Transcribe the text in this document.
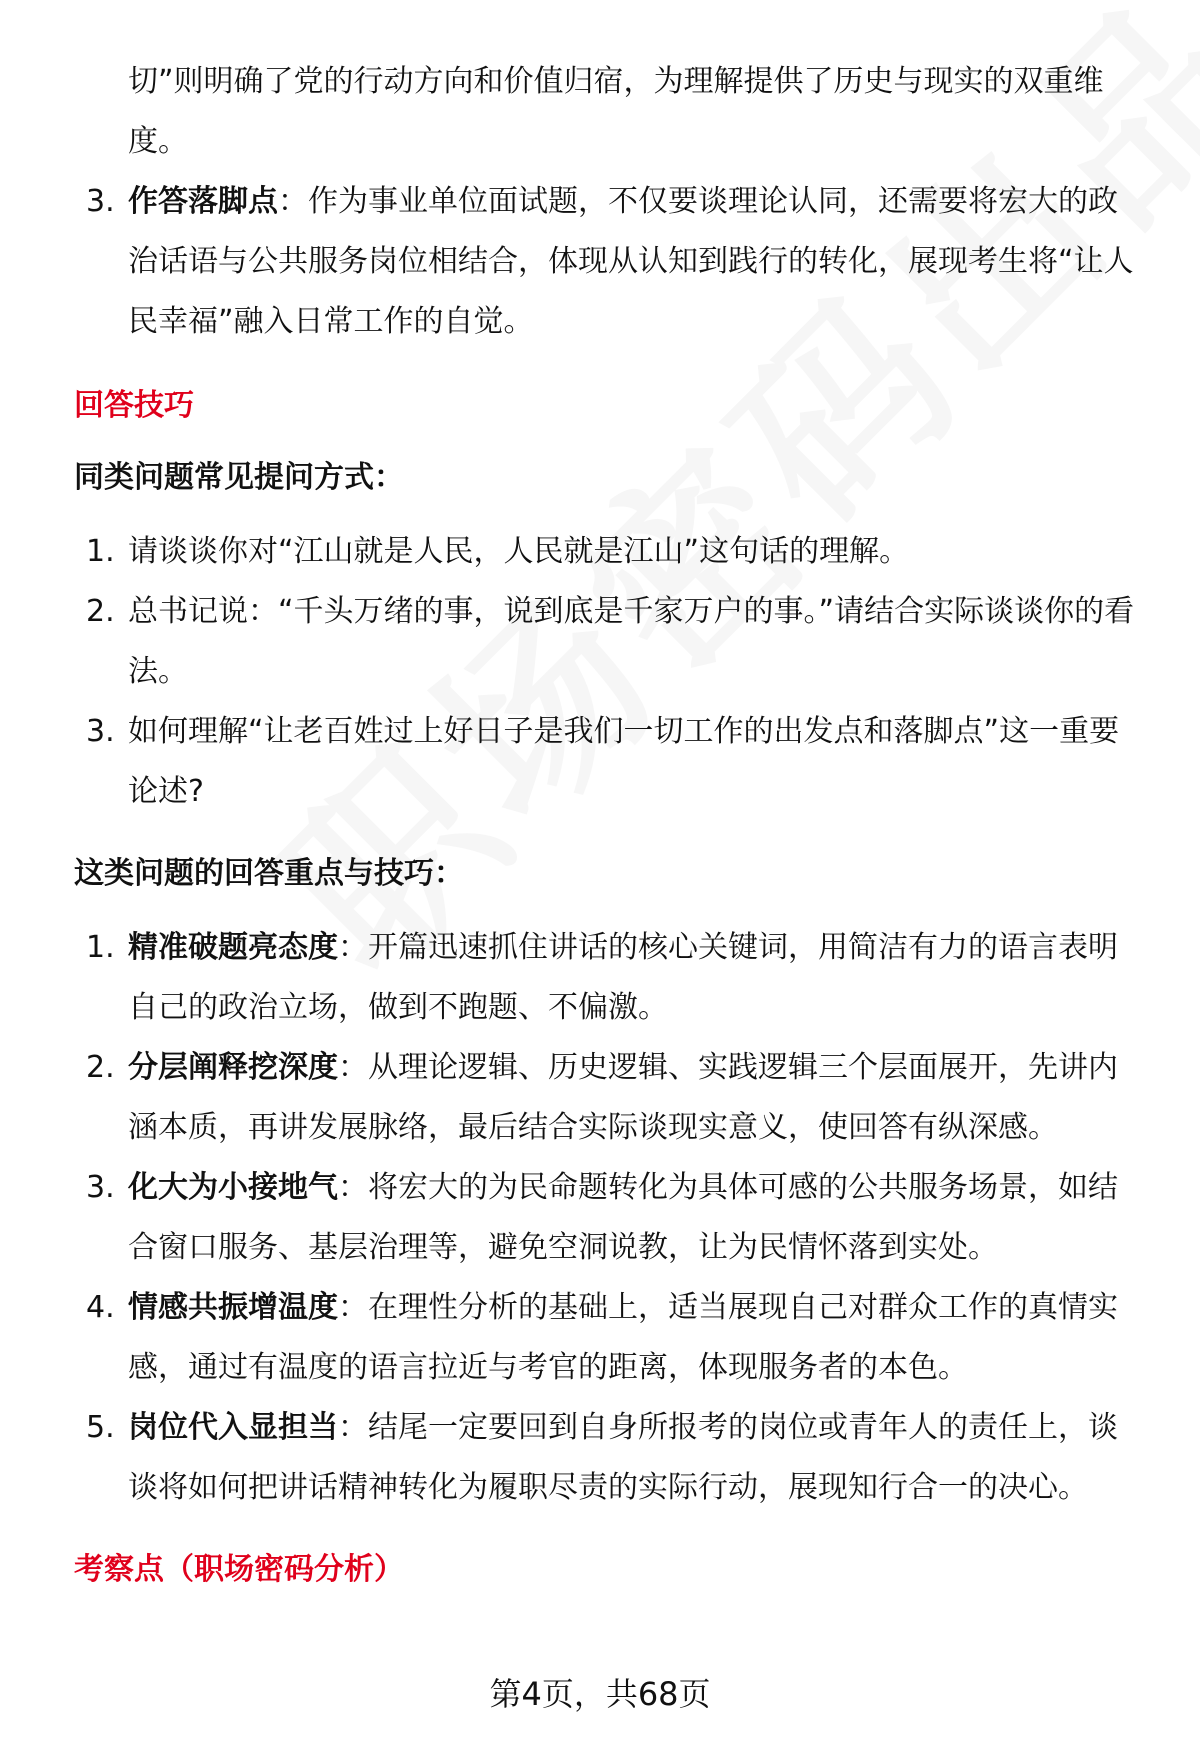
切”则明确了党的行动方向和价值归宿，为理解提供了历史与现实的双重维度。

3. 作答落脚点：作为事业单位面试题，不仅要谈理论认同，还需要将宏大的政治话语与公共服务岗位相结合，体现从认知到践行的转化，展现考生将“让人民幸福”融入日常工作的自觉。
回答技巧
同类问题常见提问方式：
1. 请谈谈你对“江山就是人民，人民就是江山”这句话的理解。
2. 总书记说：“千头万绪的事，说到底是千家万户的事。”请结合实际谈谈你的看法。
3. 如何理解“让老百姓过上好日子是我们一切工作的出发点和落脚点”这一重要论述?
这类问题的回答重点与技巧：
1. 精准破题亮态度：开篇迅速抓住讲话的核心关键词，用简洁有力的语言表明自己的政治立场，做到不跑题、不偏激。
2. 分层阐释挖深度：从理论逻辑、历史逻辑、实践逻辑三个层面展开，先讲内涵本质，再讲发展脉络，最后结合实际谈现实意义，使回答有纵深感。
3. 化大为小接地气：将宏大的为民命题转化为具体可感的公共服务场景，如结合窗口服务、基层治理等，避免空洞说教，让为民情怀落到实处。
4. 情感共振增温度：在理性分析的基础上，适当展现自己对群众工作的真情实感，通过有温度的语言拉近与考官的距离，体现服务者的本色。
5. 岗位代入显担当：结尾一定要回到自身所报考的岗位或青年人的责任上，谈谈将如何把讲话精神转化为履职尽责的实际行动，展现知行合一的决心。
考察点（职场密码分析）
第4页，共68页
